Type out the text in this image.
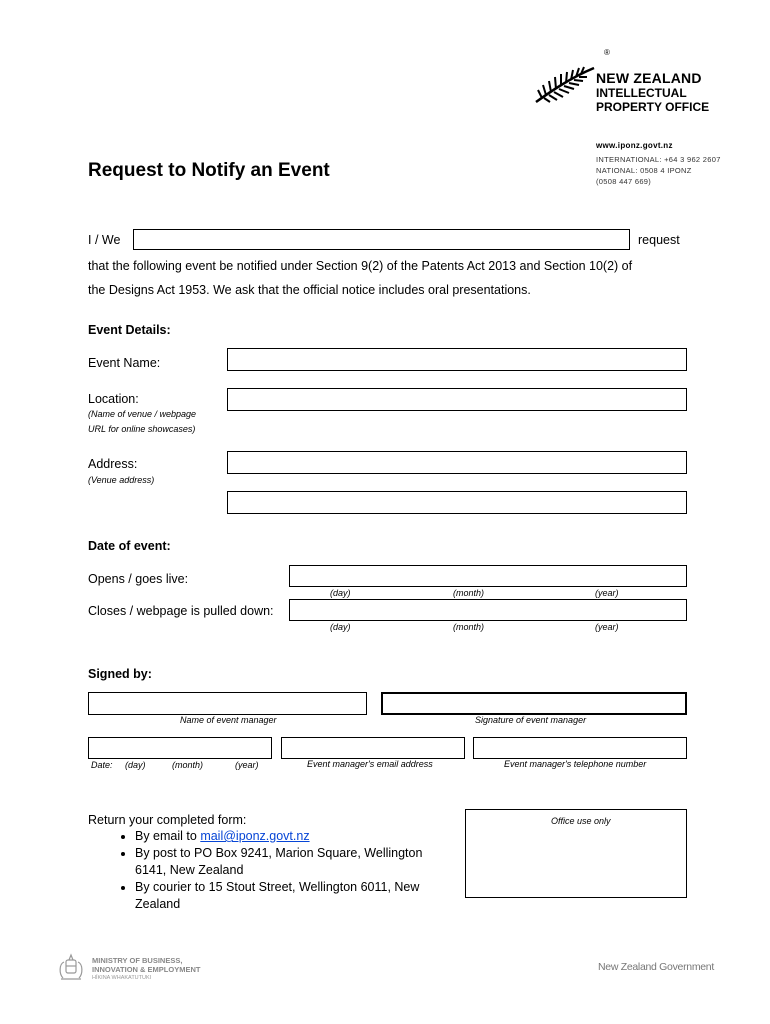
®
NEW ZEALAND
INTELLECTUAL
PROPERTY OFFICE
www.iponz.govt.nz
INTERNATIONAL: +64 3 962 2607
NATIONAL: 0508 4 IPONZ
(0508 447 669)
Request to Notify an Event
I / We	request
that the following event be notified under Section 9(2) of the Patents Act 2013 and Section 10(2) of
the Designs Act 1953. We ask that the official notice includes oral presentations.
Event Details:
Event Name:
Location:
(Name of venue / webpage
URL for online showcases)
Address:
(Venue address)
Date of event:
Opens / goes live:
(day)	(month)	(year)
Closes / webpage is pulled down:
(day)	(month)	(year)
Signed by:
Name of event manager	Signature of event manager
Date: (day)	(month)	(year)	Event manager's email address	Event manager's telephone number
Return your completed form:
• By email to mail@iponz.govt.nz
• By post to PO Box 9241, Marion Square, Wellington 6141, New Zealand
• By courier to 15 Stout Street, Wellington 6011, New Zealand
Office use only
MINISTRY OF BUSINESS,
INNOVATION & EMPLOYMENT
HĪKINA WHAKATUTUKI
New Zealand Government
